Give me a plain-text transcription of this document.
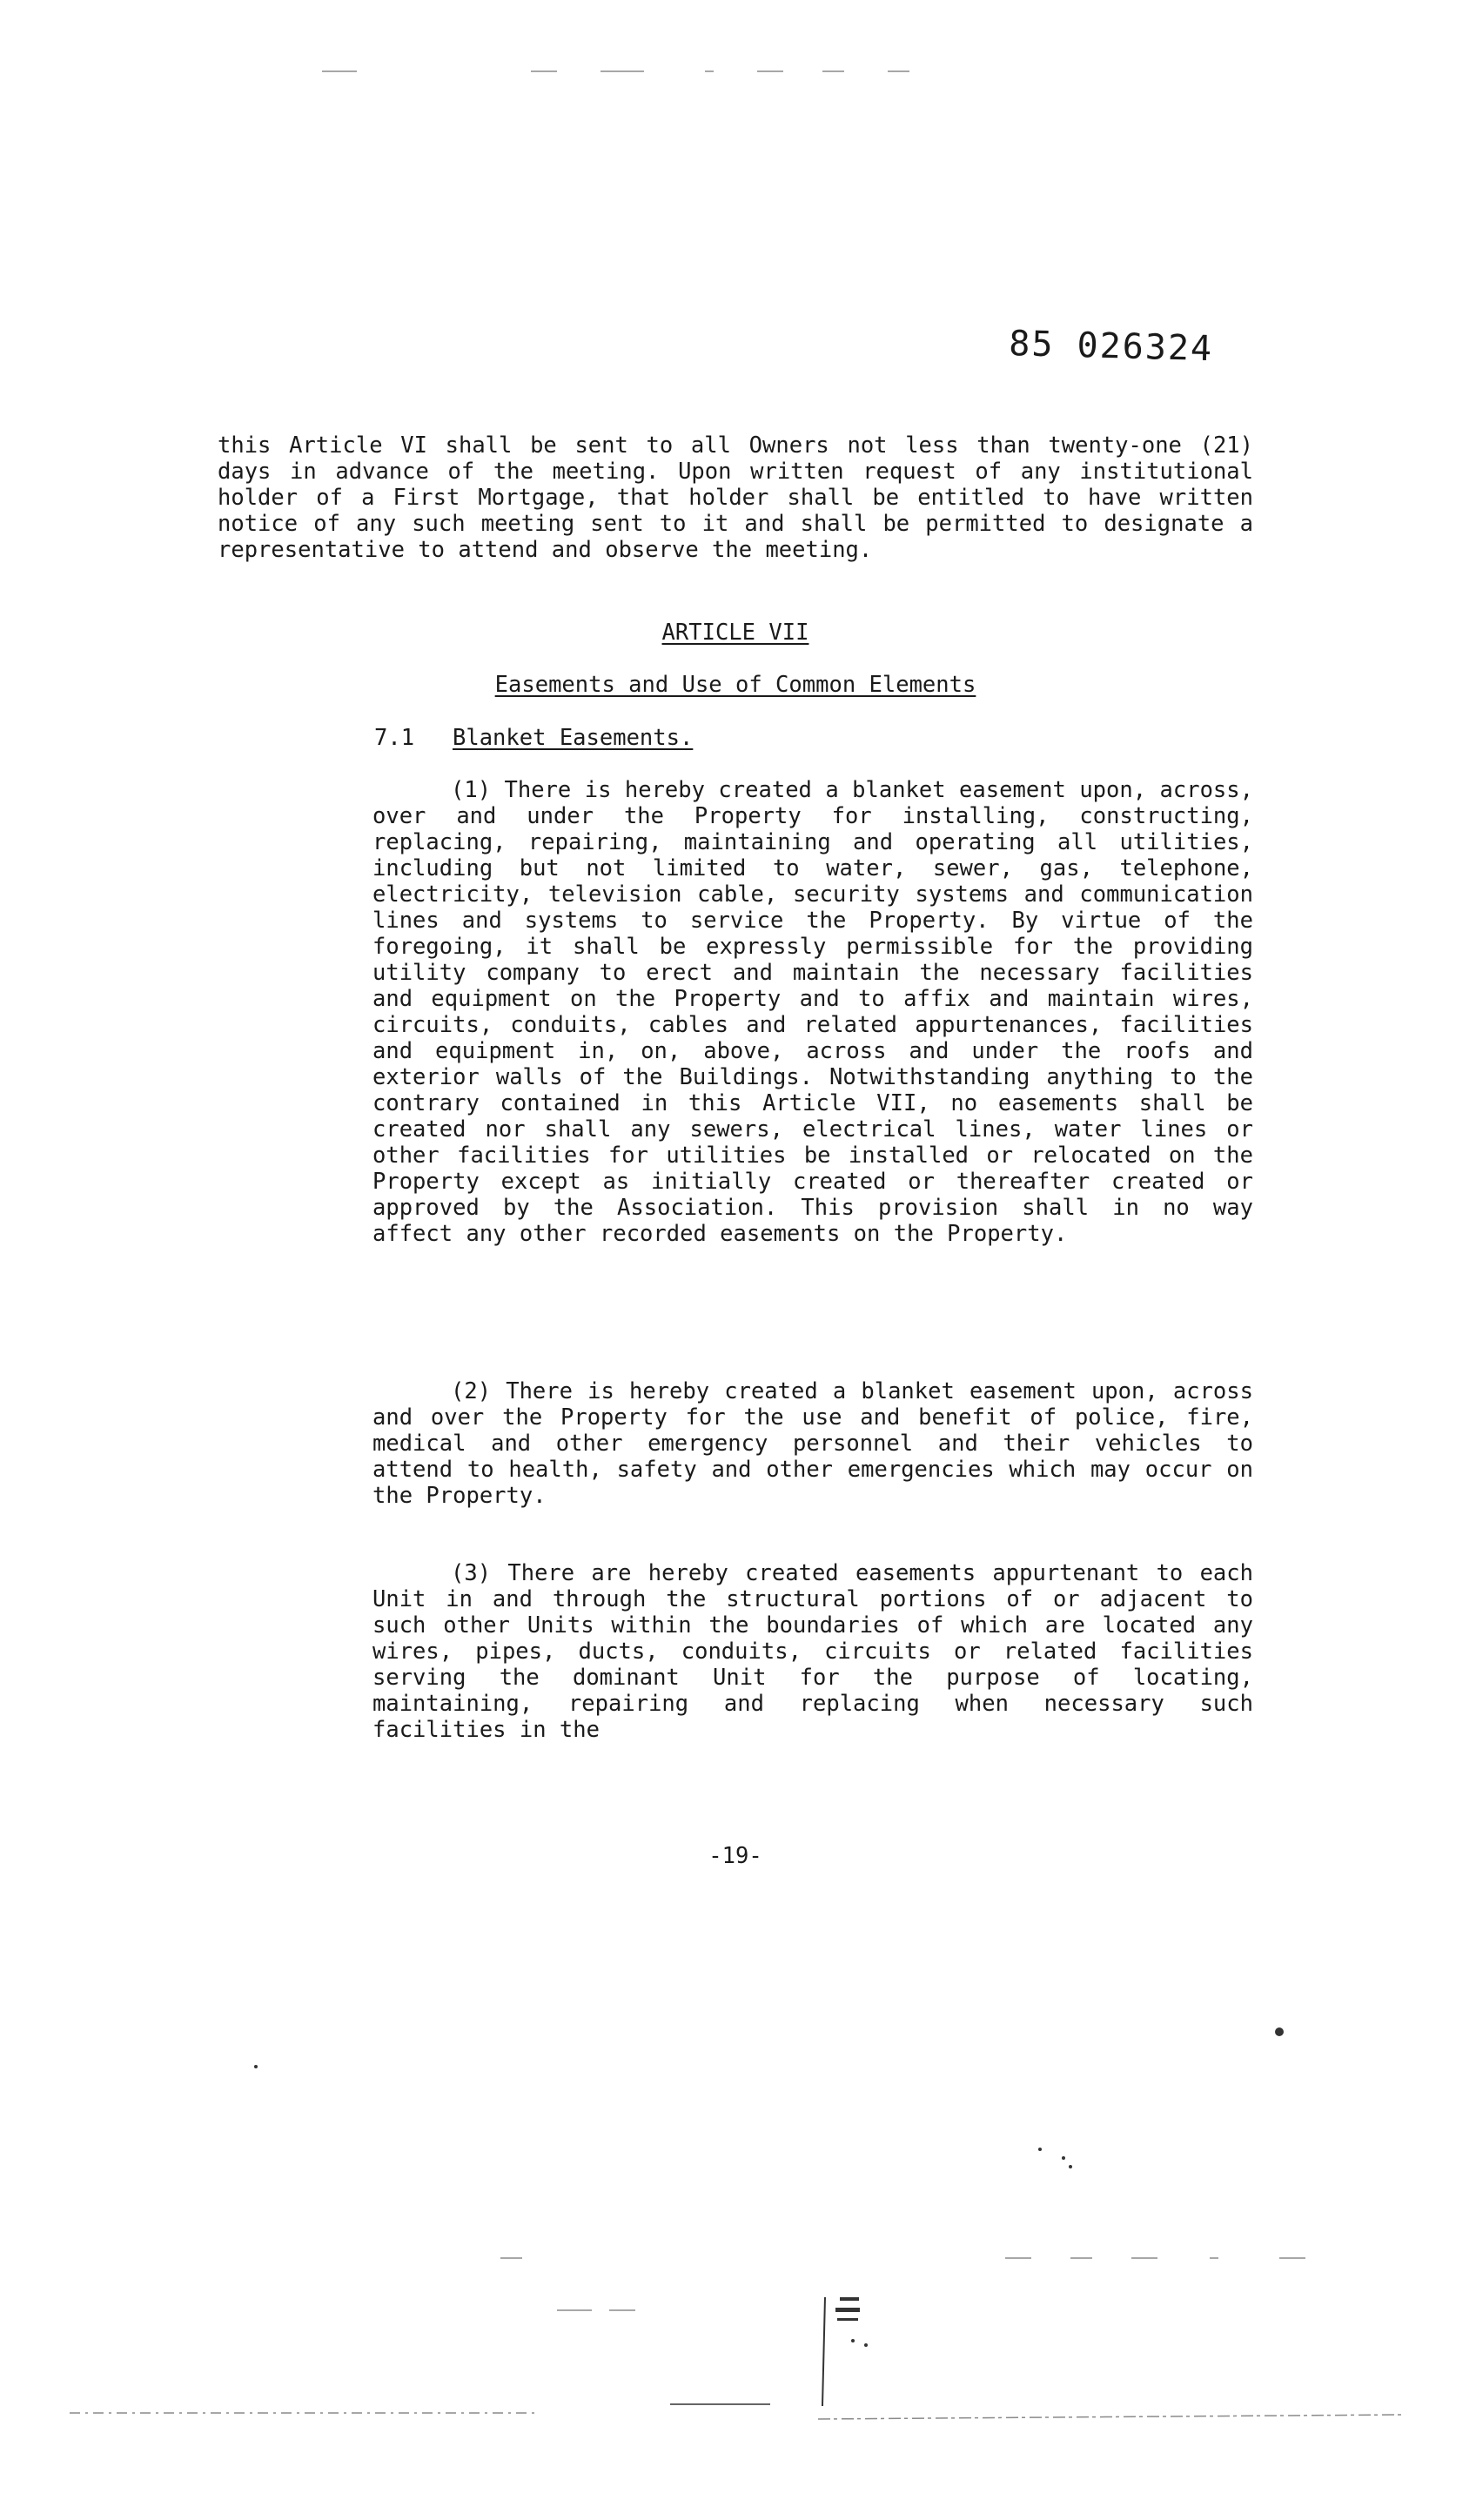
85 026324
this Article VI shall be sent to all Owners not less than twenty-one (21) days in advance of the meeting. Upon written request of any institutional holder of a First Mortgage, that holder shall be entitled to have written notice of any such meeting sent to it and shall be permitted to designate a representative to attend and observe the meeting.
ARTICLE VII
Easements and Use of Common Elements
7.1 Blanket Easements.
(1) There is hereby created a blanket easement upon, across, over and under the Property for installing, constructing, replacing, repairing, maintaining and operating all utilities, including but not limited to water, sewer, gas, telephone, electricity, television cable, security systems and communication lines and systems to service the Property. By virtue of the foregoing, it shall be expressly permissible for the providing utility company to erect and maintain the necessary facilities and equipment on the Property and to affix and maintain wires, circuits, conduits, cables and related appurtenances, facilities and equipment in, on, above, across and under the roofs and exterior walls of the Buildings. Notwithstanding anything to the contrary contained in this Article VII, no easements shall be created nor shall any sewers, electrical lines, water lines or other facilities for utilities be installed or relocated on the Property except as initially created or thereafter created or approved by the Association. This provision shall in no way affect any other recorded easements on the Property.
(2) There is hereby created a blanket easement upon, across and over the Property for the use and benefit of police, fire, medical and other emergency personnel and their vehicles to attend to health, safety and other emergencies which may occur on the Property.
(3) There are hereby created easements appurtenant to each Unit in and through the structural portions of or adjacent to such other Units within the boundaries of which are located any wires, pipes, ducts, conduits, circuits or related facilities serving the dominant Unit for the purpose of locating, maintaining, repairing and replacing when necessary such facilities in the
-19-
